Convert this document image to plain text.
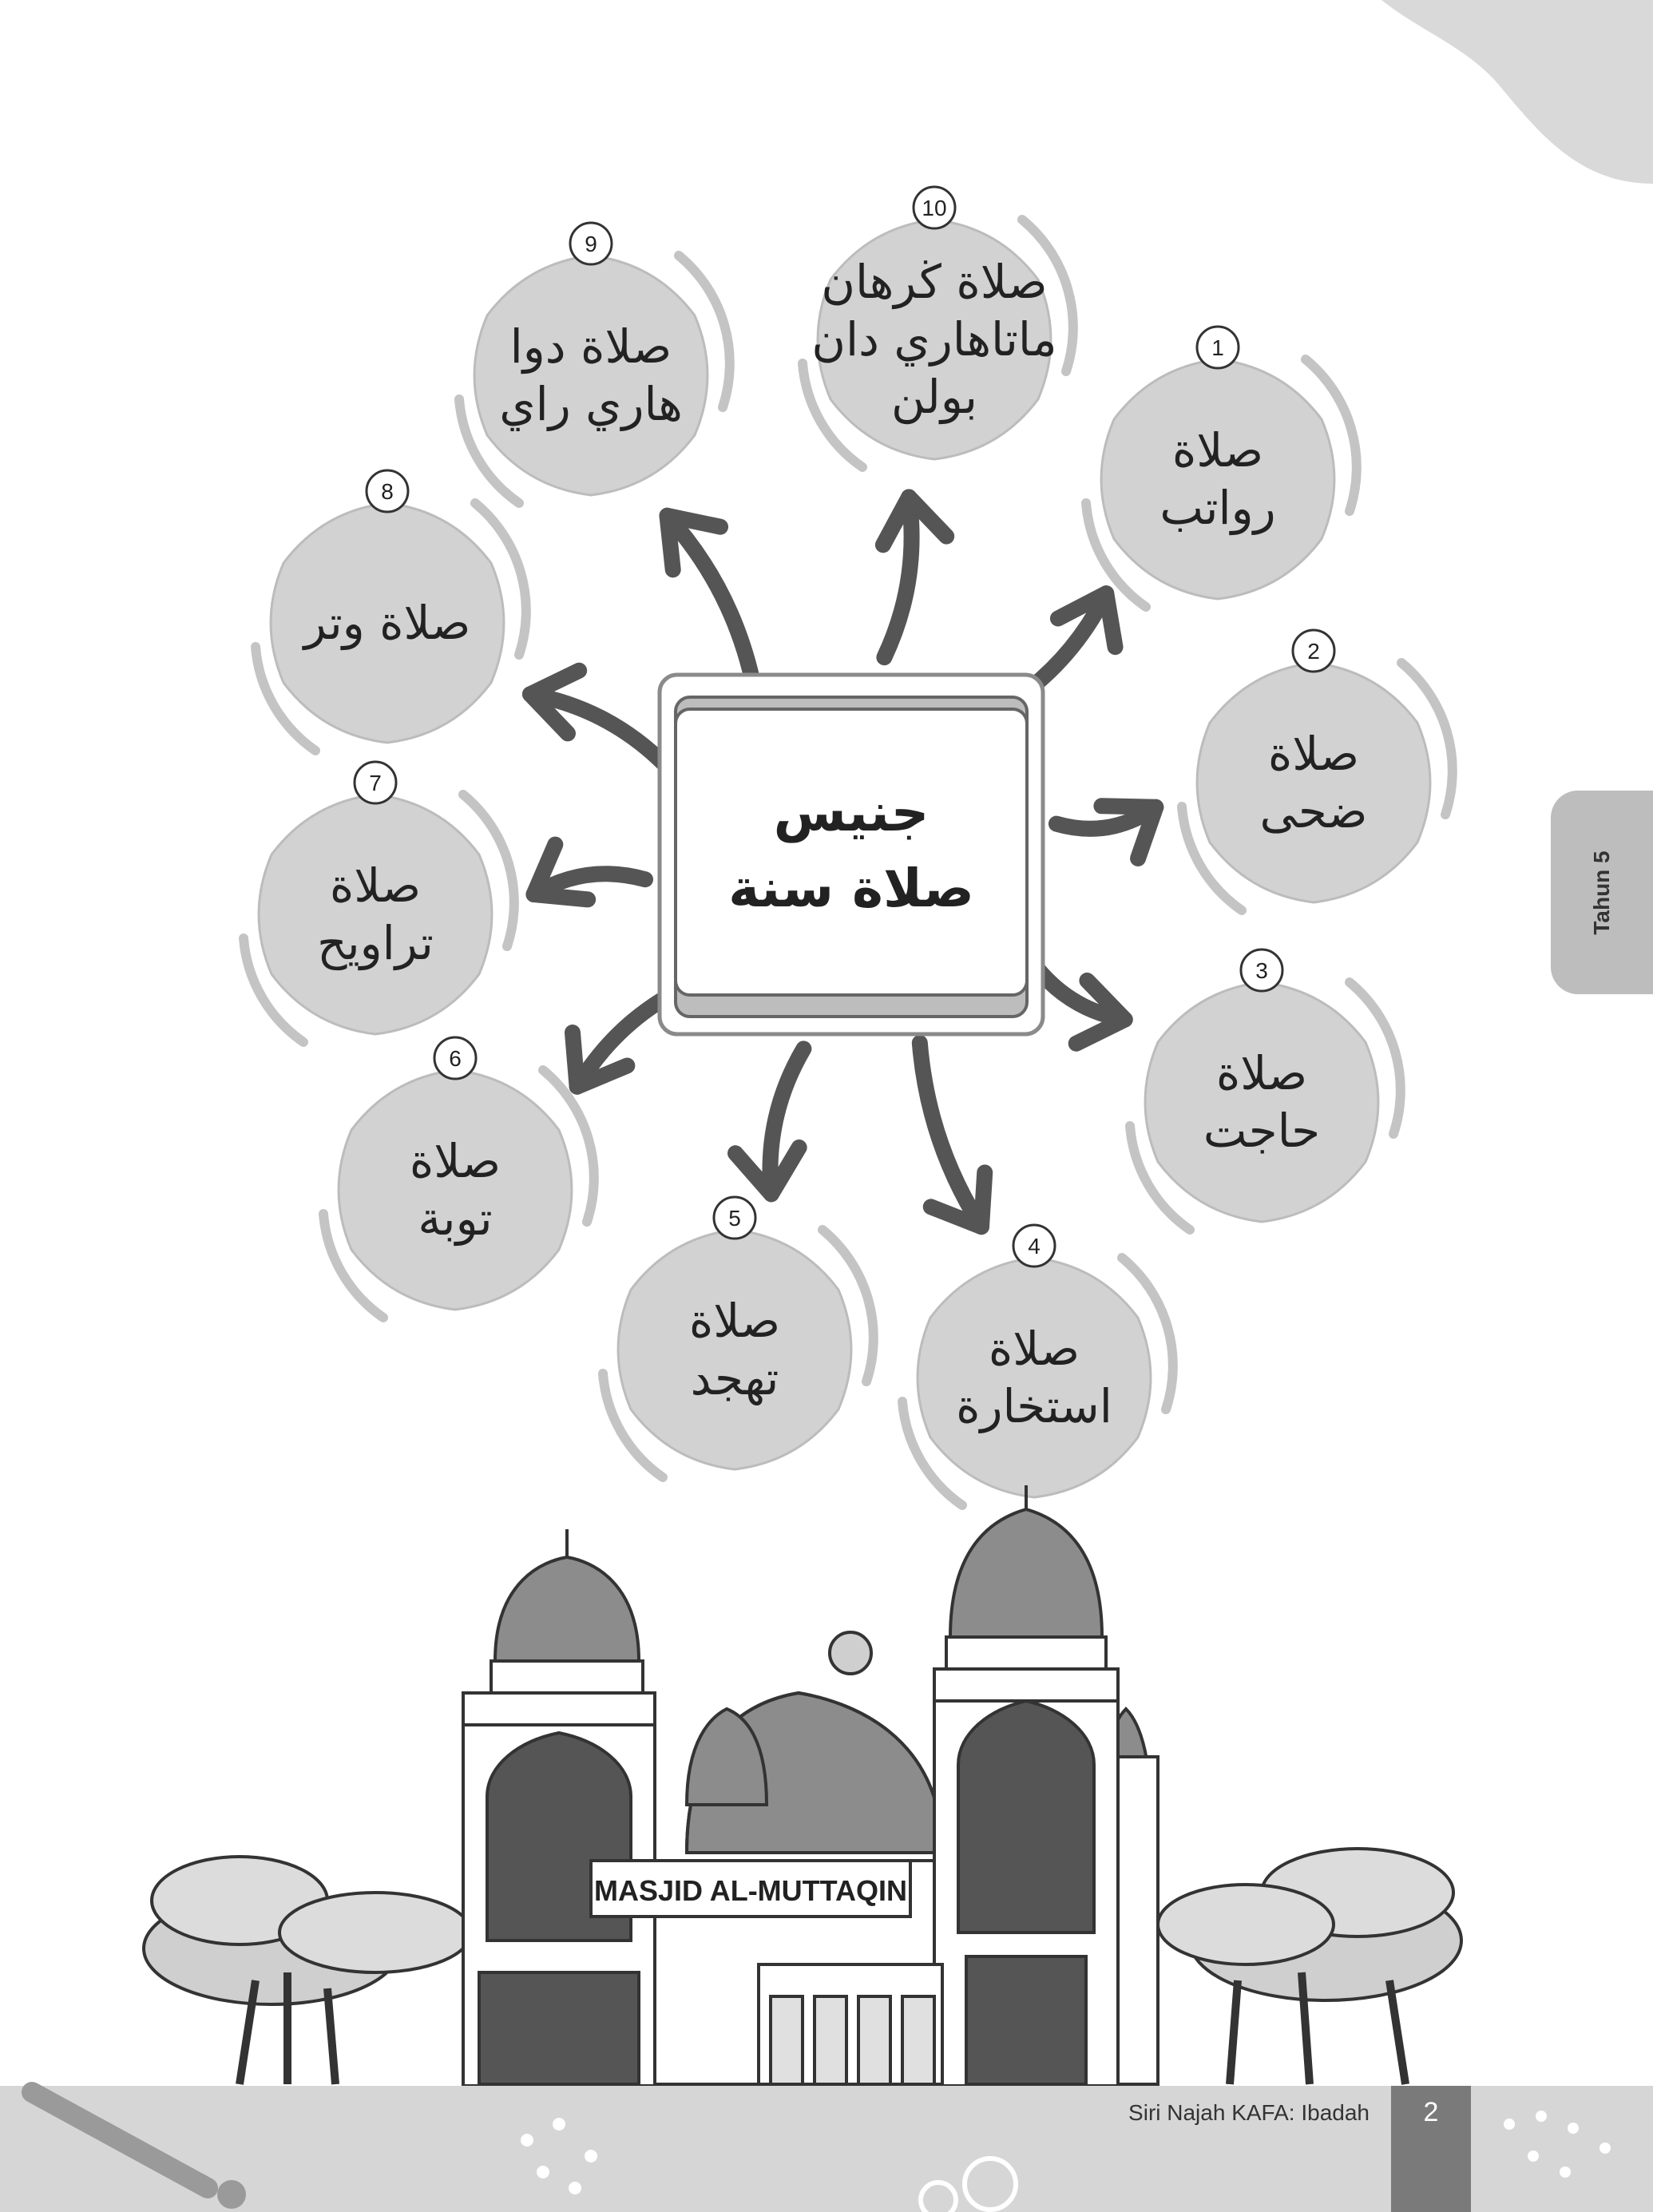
جنيس
صلاة سنة
1
صلاة
رواتب
2
صلاة
ضحى
3
صلاة
حاجت
4
صلاة
استخارة
5
صلاة
تهجد
6
صلاة
توبة
7
صلاة
تراويح
8
صلاة وتر
9
صلاة دوا
هاري راي
10
صلاة ڬرهان
ماتاهاري دان
بولن
MASJID AL-MUTTAQIN
Tahun 5
2
Siri Najah KAFA: Ibadah
